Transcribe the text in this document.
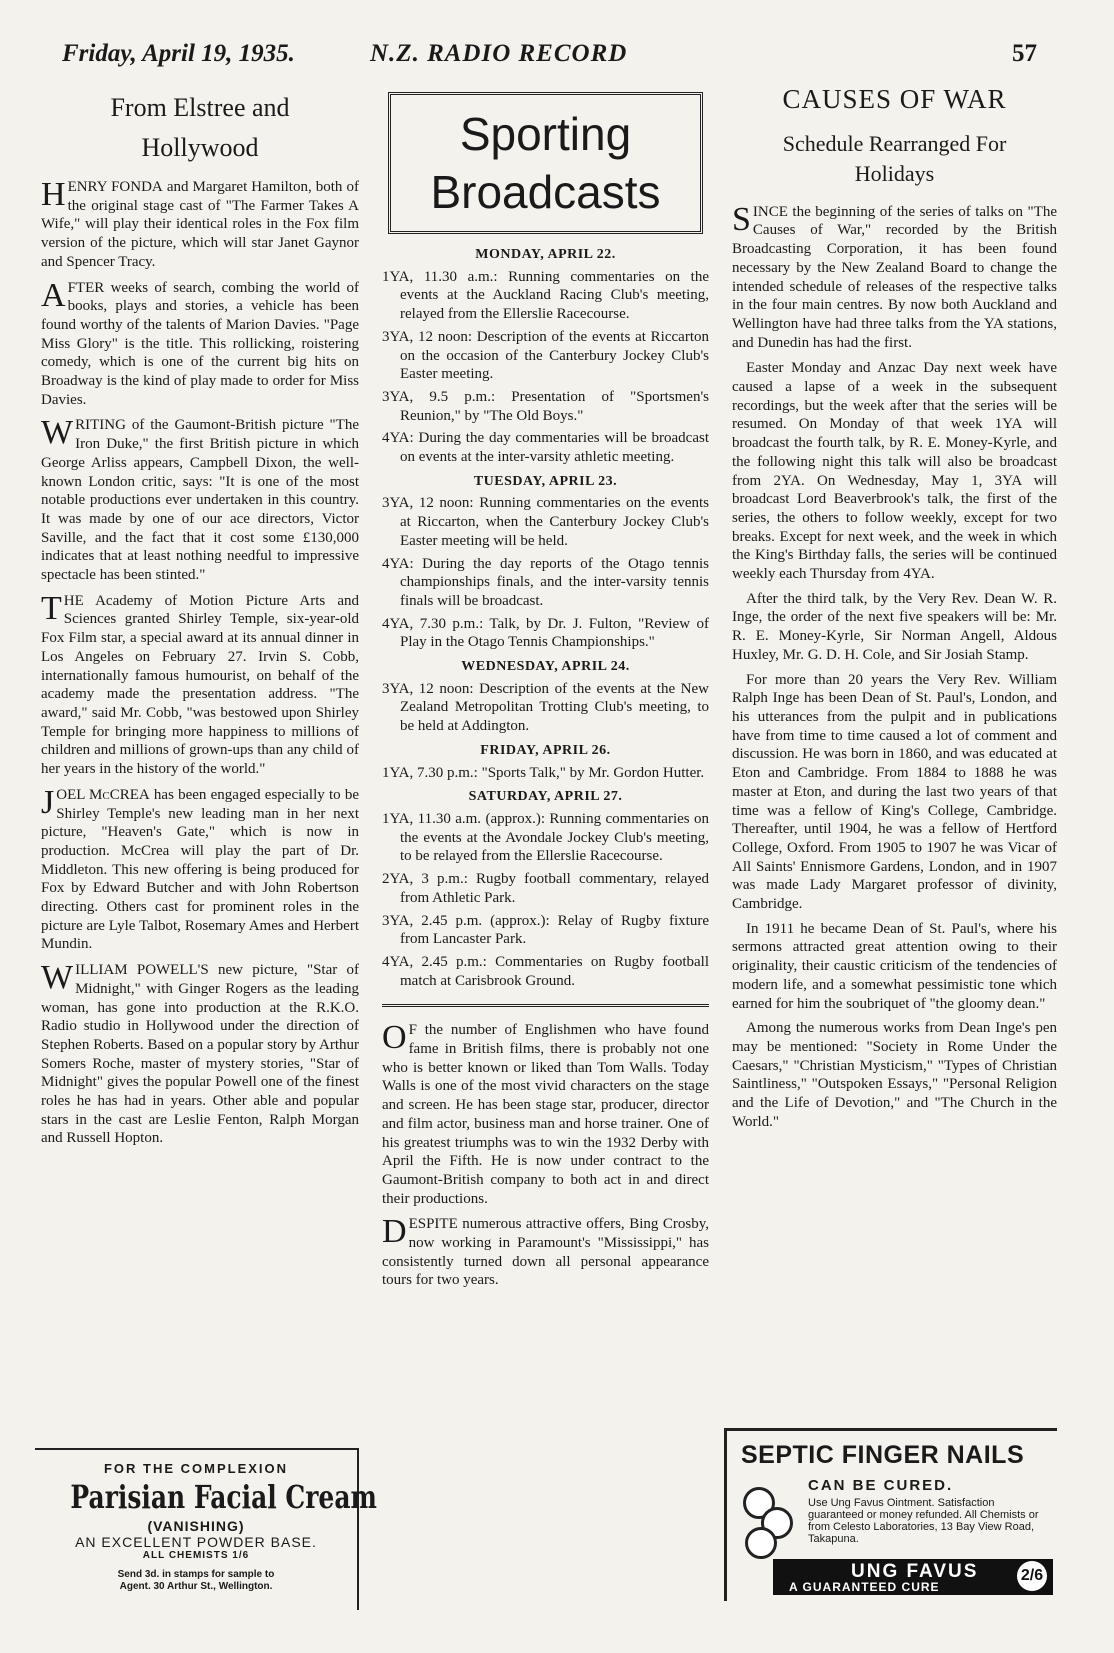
Friday, April 19, 1935.	N.Z. RADIO RECORD	57
From Elstree and
Hollywood
HENRY FONDA and Margaret Hamilton, both of the original stage cast of "The Farmer Takes A Wife," will play their identical roles in the Fox film version of the picture, which will star Janet Gaynor and Spencer Tracy.
AFTER weeks of search, combing the world of books, plays and stories, a vehicle has been found worthy of the talents of Marion Davies. "Page Miss Glory" is the title. This rollicking, roistering comedy, which is one of the current big hits on Broadway is the kind of play made to order for Miss Davies.
WRITING of the Gaumont-British picture "The Iron Duke," the first British picture in which George Arliss appears, Campbell Dixon, the well-known London critic, says: "It is one of the most notable productions ever undertaken in this country. It was made by one of our ace directors, Victor Saville, and the fact that it cost some £130,000 indicates that at least nothing needful to impressive spectacle has been stinted."
THE Academy of Motion Picture Arts and Sciences granted Shirley Temple, six-year-old Fox Film star, a special award at its annual dinner in Los Angeles on February 27. Irvin S. Cobb, internationally famous humourist, on behalf of the academy made the presentation address. "The award," said Mr. Cobb, "was bestowed upon Shirley Temple for bringing more happiness to millions of children and millions of grown-ups than any child of her years in the history of the world."
JOEL McCREA has been engaged especially to be Shirley Temple's new leading man in her next picture, "Heaven's Gate," which is now in production. McCrea will play the part of Dr. Middleton. This new offering is being produced for Fox by Edward Butcher and with John Robertson directing. Others cast for prominent roles in the picture are Lyle Talbot, Rosemary Ames and Herbert Mundin.
WILLIAM POWELL'S new picture, "Star of Midnight," with Ginger Rogers as the leading woman, has gone into production at the R.K.O. Radio studio in Hollywood under the direction of Stephen Roberts. Based on a popular story by Arthur Somers Roche, master of mystery stories, "Star of Midnight" gives the popular Powell one of the finest roles he has had in years. Other able and popular stars in the cast are Leslie Fenton, Ralph Morgan and Russell Hopton.
FOR THE COMPLEXION
Parisian Facial Cream
(VANISHING)
AN EXCELLENT POWDER BASE.
ALL CHEMISTS 1/6
Send 3d. in stamps for sample to
Agent. 30 Arthur St., Wellington.
Sporting
Broadcasts
MONDAY, APRIL 22.
1YA, 11.30 a.m.: Running commentaries on the events at the Auckland Racing Club's meeting, relayed from the Ellerslie Racecourse.
3YA, 12 noon: Description of the events at Riccarton on the occasion of the Canterbury Jockey Club's Easter meeting.
3YA, 9.5 p.m.: Presentation of "Sportsmen's Reunion," by "The Old Boys."
4YA: During the day commentaries will be broadcast on events at the inter-varsity athletic meeting.
TUESDAY, APRIL 23.
3YA, 12 noon: Running commentaries on the events at Riccarton, when the Canterbury Jockey Club's Easter meeting will be held.
4YA: During the day reports of the Otago tennis championships finals, and the inter-varsity tennis finals will be broadcast.
4YA, 7.30 p.m.: Talk, by Dr. J. Fulton, "Review of Play in the Otago Tennis Championships."
WEDNESDAY, APRIL 24.
3YA, 12 noon: Description of the events at the New Zealand Metropolitan Trotting Club's meeting, to be held at Addington.
FRIDAY, APRIL 26.
1YA, 7.30 p.m.: "Sports Talk," by Mr. Gordon Hutter.
SATURDAY, APRIL 27.
1YA, 11.30 a.m. (approx.): Running commentaries on the events at the Avondale Jockey Club's meeting, to be relayed from the Ellerslie Racecourse.
2YA, 3 p.m.: Rugby football commentary, relayed from Athletic Park.
3YA, 2.45 p.m. (approx.): Relay of Rugby fixture from Lancaster Park.
4YA, 2.45 p.m.: Commentaries on Rugby football match at Carisbrook Ground.
O F the number of Englishmen who have found fame in British films, there is probably not one who is better known or liked than Tom Walls. Today Walls is one of the most vivid characters on the stage and screen. He has been stage star, producer, director and film actor, business man and horse trainer. One of his greatest triumphs was to win the 1932 Derby with April the Fifth. He is now under contract to the Gaumont-British company to both act in and direct their productions.
DESPITE numerous attractive offers, Bing Crosby, now working in Paramount's "Mississippi," has consistently turned down all personal appearance tours for two years.
CAUSES OF WAR
Schedule Rearranged For
Holidays
SINCE the beginning of the series of talks on "The Causes of War," recorded by the British Broadcasting Corporation, it has been found necessary by the New Zealand Board to change the intended schedule of releases of the respective talks in the four main centres. By now both Auckland and Wellington have had three talks from the YA stations, and Dunedin has had the first.

Easter Monday and Anzac Day next week have caused a lapse of a week in the subsequent recordings, but the week after that the series will be resumed. On Monday of that week 1YA will broadcast the fourth talk, by R. E. Money-Kyrle, and the following night this talk will also be broadcast from 2YA. On Wednesday, May 1, 3YA will broadcast Lord Beaverbrook's talk, the first of the series, the others to follow weekly, except for two breaks. Except for next week, and the week in which the King's Birthday falls, the series will be continued weekly each Thursday from 4YA.

After the third talk, by the Very Rev. Dean W. R. Inge, the order of the next five speakers will be: Mr. R. E. Money-Kyrle, Sir Norman Angell, Aldous Huxley, Mr. G. D. H. Cole, and Sir Josiah Stamp.

For more than 20 years the Very Rev. William Ralph Inge has been Dean of St. Paul's, London, and his utterances from the pulpit and in publications have from time to time caused a lot of comment and discussion. He was born in 1860, and was educated at Eton and Cambridge. From 1884 to 1888 he was master at Eton, and during the last two years of that time was a fellow of King's College, Cambridge. Thereafter, until 1904, he was a fellow of Hertford College, Oxford. From 1905 to 1907 he was Vicar of All Saints' Ennismore Gardens, London, and in 1907 was made Lady Margaret professor of divinity, Cambridge.

In 1911 he became Dean of St. Paul's, where his sermons attracted great attention owing to their originality, their caustic criticism of the tendencies of modern life, and a somewhat pessimistic tone which earned for him the soubriquet of "the gloomy dean."

Among the numerous works from Dean Inge's pen may be mentioned: "Society in Rome Under the Caesars," "Christian Mysticism," "Types of Christian Saintliness," "Outspoken Essays," "Personal Religion and the Life of Devotion," and "The Church in the World."

SEPTIC FINGER NAILS
CAN BE CURED.
Use Ung Favus Ointment. Satisfaction guaranteed or money refunded. All Chemists or from Celesto Laboratories, 13 Bay View Road, Takapuna.
UNG FAVUS
A GUARANTEED CURE
2/6
